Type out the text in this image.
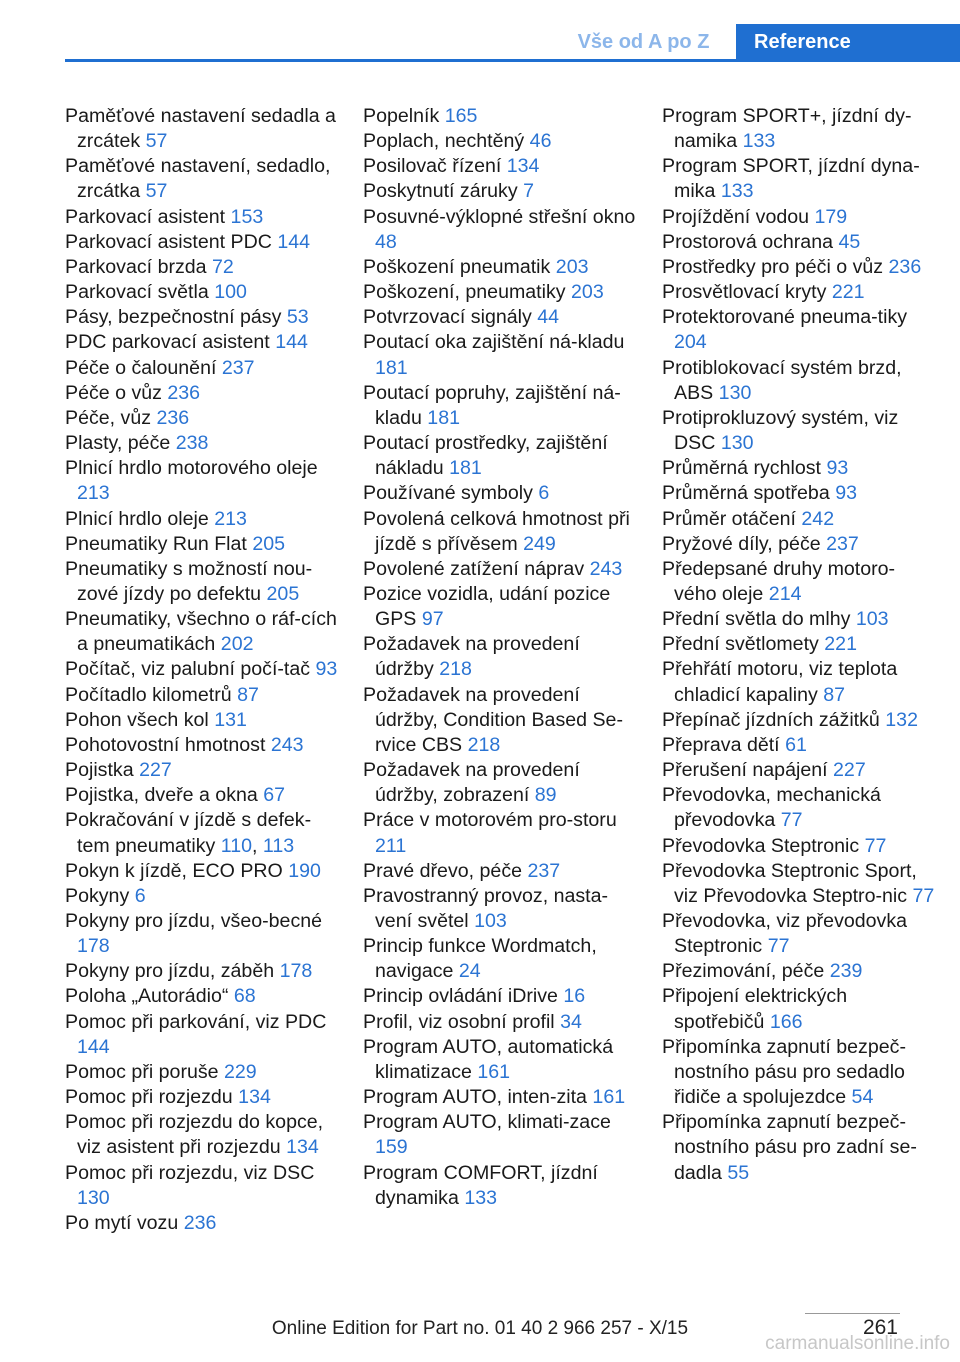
Vše od A po Z	Reference
Paměťové nastavení sedadla a zrcátek 57
Paměťové nastavení, sedadlo, zrcátka 57
Parkovací asistent 153
Parkovací asistent PDC 144
Parkovací brzda 72
Parkovací světla 100
Pásy, bezpečnostní pásy 53
PDC parkovací asistent 144
Péče o čalounění 237
Péče o vůz 236
Péče, vůz 236
Plasty, péče 238
Plnicí hrdlo motorového oleje 213
Plnicí hrdlo oleje 213
Pneumatiky Run Flat 205
Pneumatiky s možností nou‐zové jízdy po defektu 205
Pneumatiky, všechno o ráf‐cích a pneumatikách 202
Počítač, viz palubní počí‐tač 93
Počítadlo kilometrů 87
Pohon všech kol 131
Pohotovostní hmotnost 243
Pojistka 227
Pojistka, dveře a okna 67
Pokračování v jízdě s defek‐tem pneumatiky 110, 113
Pokyn k jízdě, ECO PRO 190
Pokyny 6
Pokyny pro jízdu, všeo‐becné 178
Pokyny pro jízdu, záběh 178
Poloha „Autorádio“ 68
Pomoc při parkování, viz PDC 144
Pomoc při poruše 229
Pomoc při rozjezdu 134
Pomoc při rozjezdu do kopce, viz asistent při rozjezdu 134
Pomoc při rozjezdu, viz DSC 130
Po mytí vozu 236
Popelník 165
Poplach, nechtěný 46
Posilovač řízení 134
Poskytnutí záruky 7
Posuvné-výklopné střešní okno 48
Poškození pneumatik 203
Poškození, pneumatiky 203
Potvrzovací signály 44
Poutací oka zajištění ná‐kladu 181
Poutací popruhy, zajištění ná‐kladu 181
Poutací prostředky, zajištění nákladu 181
Používané symboly 6
Povolená celková hmotnost při jízdě s přívěsem 249
Povolené zatížení náprav 243
Pozice vozidla, udání pozice GPS 97
Požadavek na provedení údržby 218
Požadavek na provedení údržby, Condition Based Se‐rvice CBS 218
Požadavek na provedení údržby, zobrazení 89
Práce v motorovém pro‐storu 211
Pravé dřevo, péče 237
Pravostranný provoz, nasta‐vení světel 103
Princip funkce Wordmatch, navigace 24
Princip ovládání iDrive 16
Profil, viz osobní profil 34
Program AUTO, automatická klimatizace 161
Program AUTO, inten‐zita 161
Program AUTO, klimati‐zace 159
Program COMFORT, jízdní dynamika 133
Program SPORT+, jízdní dy‐namika 133
Program SPORT, jízdní dyna‐mika 133
Projíždění vodou 179
Prostorová ochrana 45
Prostředky pro péči o vůz 236
Prosvětlovací kryty 221
Protektorované pneuma‐tiky 204
Protiblokovací systém brzd, ABS 130
Protiprokluzový systém, viz DSC 130
Průměrná rychlost 93
Průměrná spotřeba 93
Průměr otáčení 242
Pryžové díly, péče 237
Předepsané druhy motoro‐vého oleje 214
Přední světla do mlhy 103
Přední světlomety 221
Přehřátí motoru, viz teplota chladicí kapaliny 87
Přepínač jízdních zážitků 132
Přeprava dětí 61
Přerušení napájení 227
Převodovka, mechanická převodovka 77
Převodovka Steptronic 77
Převodovka Steptronic Sport, viz Převodovka Steptro‐nic 77
Převodovka, viz převodovka Steptronic 77
Přezimování, péče 239
Připojení elektrických spotřebičů 166
Připomínka zapnutí bezpeč‐nostního pásu pro sedadlo řidiče a spolujezdce 54
Připomínka zapnutí bezpeč‐nostního pásu pro zadní se‐dadla 55
261
Online Edition for Part no. 01 40 2 966 257 - X/15
carmanualsonline.info
